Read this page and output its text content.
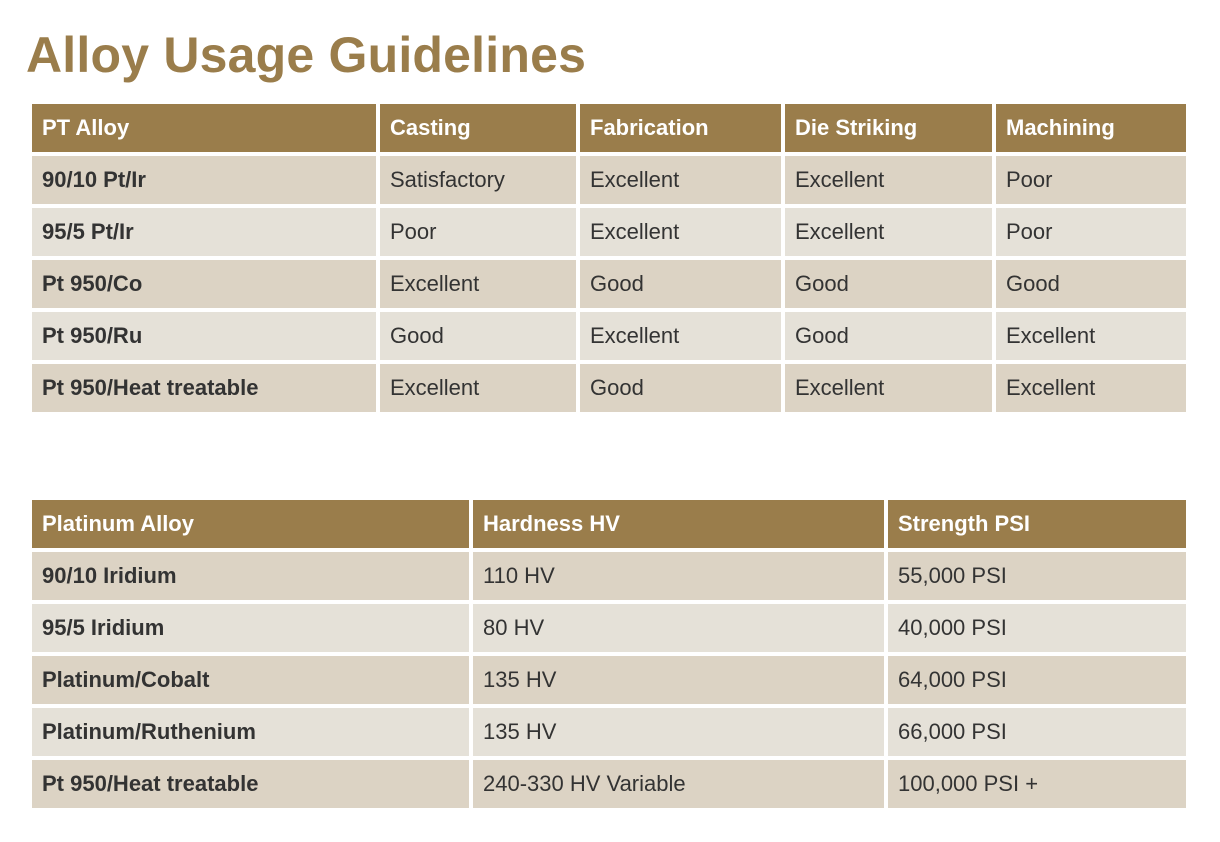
Alloy Usage Guidelines
PT Alloy	Casting	Fabrication	Die Striking	Machining
90/10 Pt/Ir	Satisfactory	Excellent	Excellent	Poor
95/5 Pt/Ir	Poor	Excellent	Excellent	Poor
Pt 950/Co	Excellent	Good	Good	Good
Pt 950/Ru	Good	Excellent	Good	Excellent
Pt 950/Heat treatable	Excellent	Good	Excellent	Excellent
Platinum Alloy	Hardness HV	Strength PSI
90/10 Iridium	110 HV	55,000 PSI
95/5 Iridium	80 HV	40,000 PSI
Platinum/Cobalt	135 HV	64,000 PSI
Platinum/Ruthenium	135 HV	66,000 PSI
Pt 950/Heat treatable	240-330 HV Variable	100,000 PSI +
